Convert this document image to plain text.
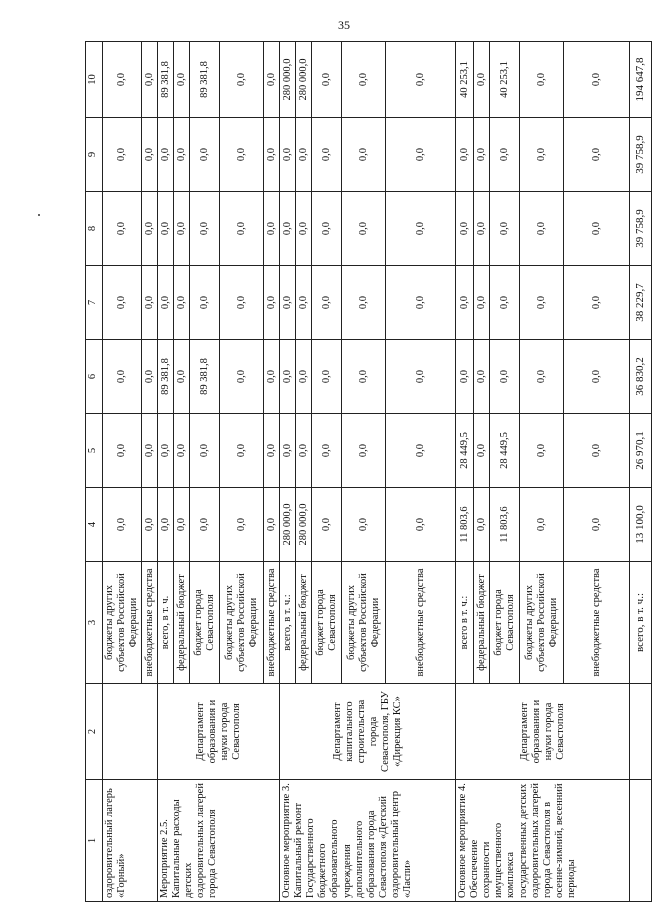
35
1	2	3	4	5	6	7	8	9	10
оздоровительный лагерь «Горный»		бюджеты других субъектов Российской Федерации	0,0	0,0	0,0	0,0	0,0	0,0	0,0
		внебюджетные средства	0,0	0,0	0,0	0,0	0,0	0,0	0,0
Мероприятие 2.5. Капитальные расходы детских оздоровительных лагерей города Севастополя	Департамент образования и науки города Севастополя	всего, в т. ч.	0,0	0,0	89 381,8	0,0	0,0	0,0	89 381,8
		федеральный бюджет	0,0	0,0	0,0	0,0	0,0	0,0	0,0
		бюджет города Севастополя	0,0	0,0	89 381,8	0,0	0,0	0,0	89 381,8
		бюджеты других субъектов Российской Федерации	0,0	0,0	0,0	0,0	0,0	0,0	0,0
		внебюджетные средства	0,0	0,0	0,0	0,0	0,0	0,0	0,0
Основное мероприятие 3. Капитальный ремонт Государственного бюджетного образовательного учреждения дополнительного образования города Севастополя «Детский оздоровительный центр «Ласпи»	Департамент капитального строительства города Севастополя, ГБУ «Дирекция КС»	всего, в т. ч.:	280 000,0	0,0	0,0	0,0	0,0	0,0	280 000,0
		федеральный бюджет	280 000,0	0,0	0,0	0,0	0,0	0,0	280 000,0
		бюджет города Севастополя	0,0	0,0	0,0	0,0	0,0	0,0	0,0
		бюджеты других субъектов Российской Федерации	0,0	0,0	0,0	0,0	0,0	0,0	0,0
		внебюджетные средства	0,0	0,0	0,0	0,0	0,0	0,0	0,0
Основное мероприятие 4. Обеспечение сохранности имущественного комплекса государственных детских оздоровительных лагерей города Севастополя в осенне-зимний, весенний периоды	Департамент образования и науки города Севастополя	всего в т. ч.:	11 803,6	28 449,5	0,0	0,0	0,0	0,0	40 253,1
		федеральный бюджет	0,0	0,0	0,0	0,0	0,0	0,0	0,0
		бюджет города Севастополя	11 803,6	28 449,5	0,0	0,0	0,0	0,0	40 253,1
		бюджеты других субъектов Российской Федерации	0,0	0,0	0,0	0,0	0,0	0,0	0,0
		внебюджетные средства	0,0	0,0	0,0	0,0	0,0	0,0	0,0
		всего, в т. ч.:	13 100,0	26 970,1	36 830,2	38 229,7	39 758,9	39 758,9	194 647,8
